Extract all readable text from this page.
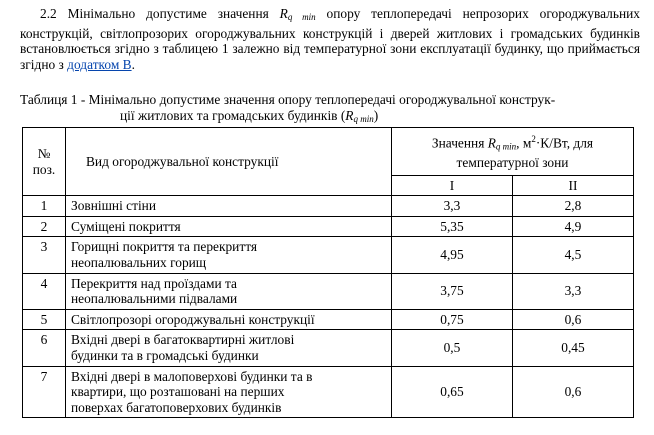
2.2 Мінімально допустиме значення $R_{q min}$ опору теплопередачі непрозорих огороджувальних конструкцій, світлопрозорих огороджувальних конструкцій і дверей житлових і громадських будинків встановлюється згідно з таблицею 1 залежно від температурної зони експлуатації будинку, що приймається згідно з додатком В.

Таблиця 1 - Мінімально допустиме значення опору теплопередачі огороджувальної конструк-
ції житлових та громадських будинків $(R_{q min})$
№
поз.	Вид огороджувальної конструкції	Значення $R_{q min}$, $м^2\cdot К/Вт$, для
температурної зони	
		I	II
1	Зовнішні стіни	3,3	2,8
2	Суміщені покриття	5,35	4,9
3	Горищні покриття та перекриття
неопалювальних горищ	4,95	4,5
4	Перекриття над проїздами та
неопалювальними підвалами	3,75	3,3
5	Світлопрозорі огороджувальні конструкції	0,75	0,6
6	Вхідні двері в багатоквартирні житлові
будинки та в громадські будинки	0,5	0,45
7	Вхідні двері в малоповерхові будинки та в
квартири, що розташовані на перших
поверхах багатоповерхових будинків	0,65	0,6
